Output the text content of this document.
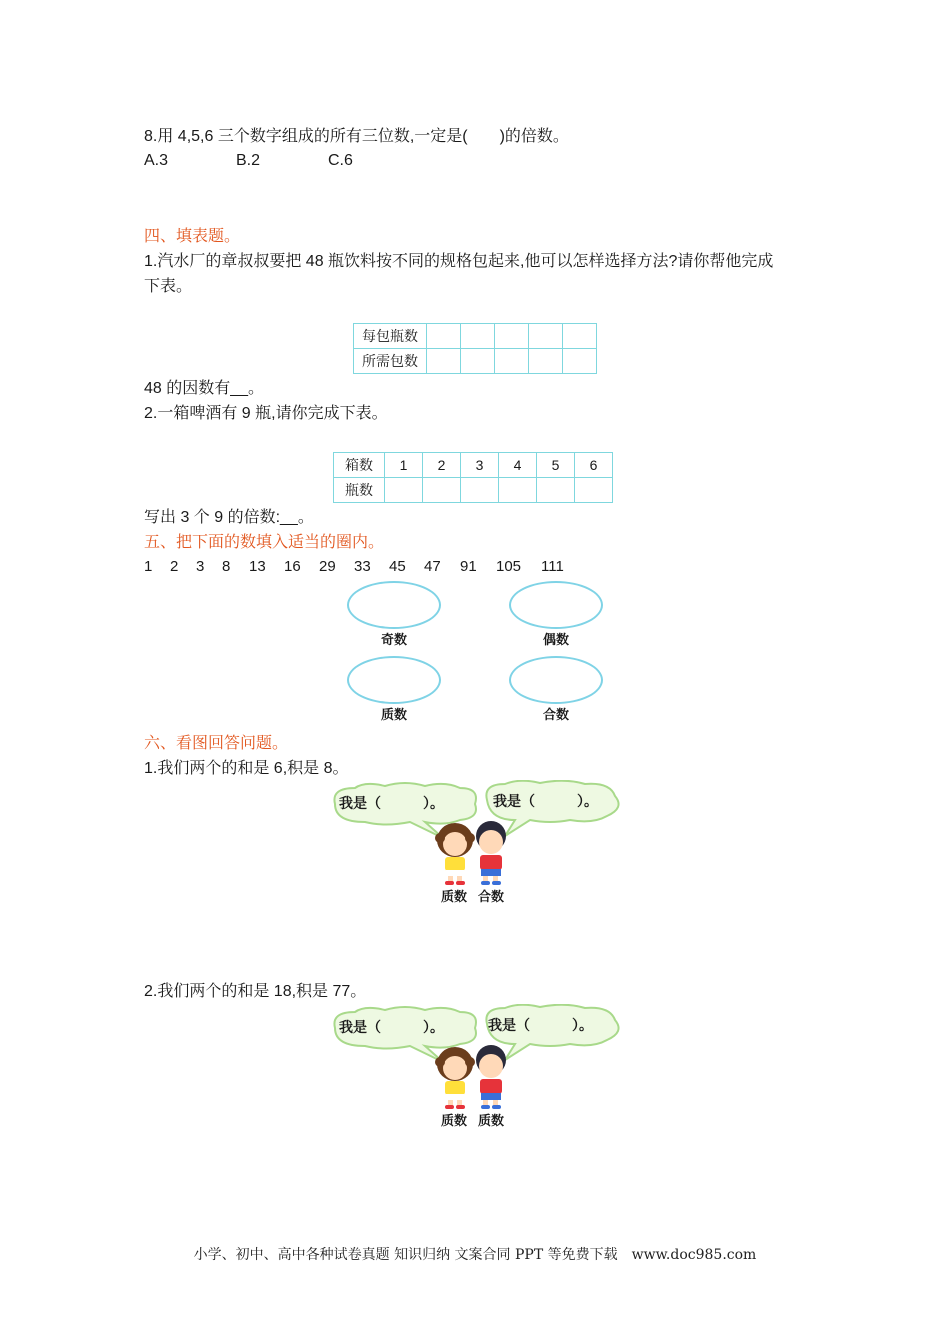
8.用 4,5,6 三个数字组成的所有三位数,一定是(　　)的倍数。
A.3	B.2	C.6
四、填表题。
1.汽水厂的章叔叔要把 48 瓶饮料按不同的规格包起来,他可以怎样选择方法?请你帮他完成
下表。
每包瓶数					
所需包数					
48 的因数有__。
2.一箱啤酒有 9 瓶,请你完成下表。
箱数	1	2	3	4	5	6
瓶数						
写出 3 个 9 的倍数:__。
五、把下面的数填入适当的圈内。
1 2 3 8 13 16 29 33 45 47 91 105 111
奇数	偶数
质数	合数
六、看图回答问题。
1.我们两个的和是 6,积是 8。
我是（　　　）。	我是（　　　）。
质数 合数
2.我们两个的和是 18,积是 77。
我是（　　　）。	我是（　　　）。
质数 质数
小学、初中、高中各种试卷真题 知识归纳 文案合同 PPT 等免费下载　www.doc985.com
